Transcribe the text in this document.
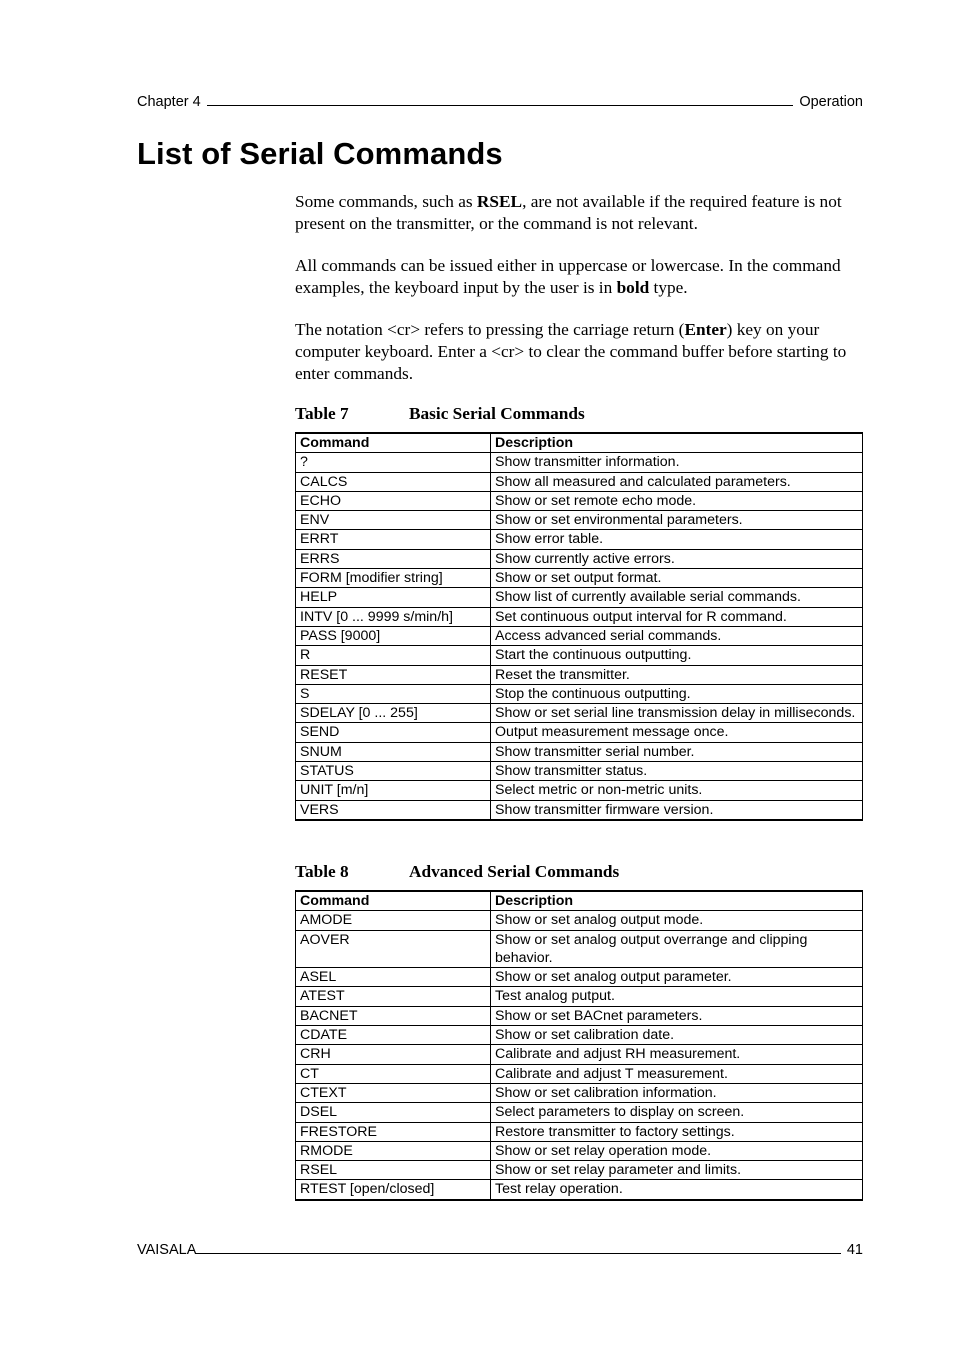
Chapter 4	Operation
List of Serial Commands

Some commands, such as RSEL, are not available if the required feature is not present on the transmitter, or the command is not relevant.

All commands can be issued either in uppercase or lowercase. In the command examples, the keyboard input by the user is in bold type.

The notation <cr> refers to pressing the carriage return (Enter) key on your computer keyboard. Enter a <cr> to clear the command buffer before starting to enter commands.

Table 7	Basic Serial Commands
Command	Description
?	Show transmitter information.
CALCS	Show all measured and calculated parameters.
ECHO	Show or set remote echo mode.
ENV	Show or set environmental parameters.
ERRT	Show error table.
ERRS	Show currently active errors.
FORM [modifier string]	Show or set output format.
HELP	Show list of currently available serial commands.
INTV [0 ... 9999 s/min/h]	Set continuous output interval for R command.
PASS [9000]	Access advanced serial commands.
R	Start the continuous outputting.
RESET	Reset the transmitter.
S	Stop the continuous outputting.
SDELAY [0 ... 255]	Show or set serial line transmission delay in milliseconds.
SEND	Output measurement message once.
SNUM	Show transmitter serial number.
STATUS	Show transmitter status.
UNIT [m/n]	Select metric or non-metric units.
VERS	Show transmitter firmware version.
Table 8	Advanced Serial Commands
Command	Description
AMODE	Show or set analog output mode.
AOVER	Show or set analog output overrange and clipping behavior.
ASEL	Show or set analog output parameter.
ATEST	Test analog putput.
BACNET	Show or set BACnet parameters.
CDATE	Show or set calibration date.
CRH	Calibrate and adjust RH measurement.
CT	Calibrate and adjust T measurement.
CTEXT	Show or set calibration information.
DSEL	Select parameters to display on screen.
FRESTORE	Restore transmitter to factory settings.
RMODE	Show or set relay operation mode.
RSEL	Show or set relay parameter and limits.
RTEST [open/closed]	Test relay operation.
VAISALA	41
